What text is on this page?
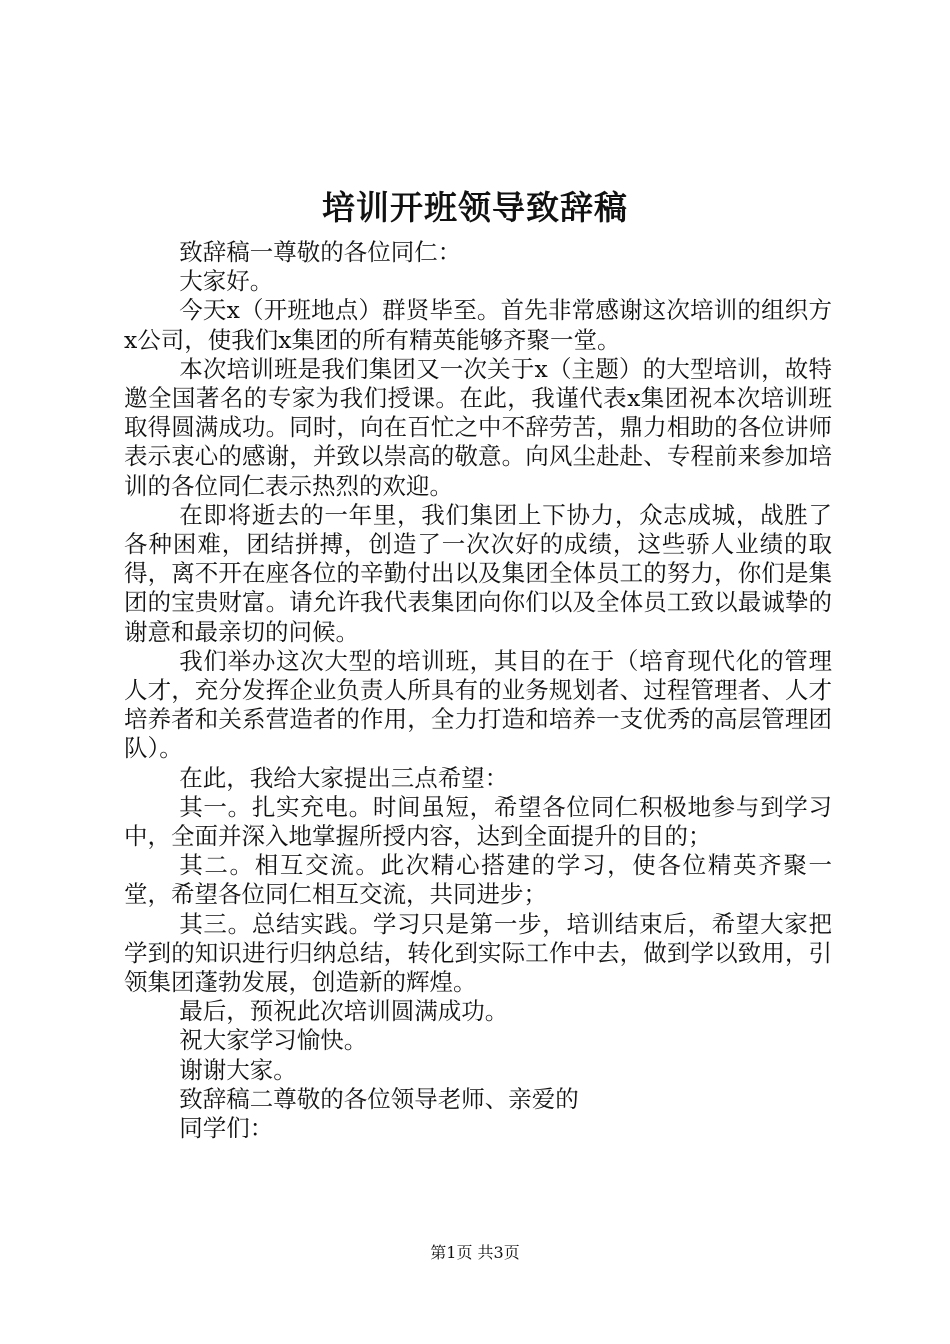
培训开班领导致辞稿

致辞稿一尊敬的各位同仁：

大家好。

今天x（开班地点）群贤毕至。首先非常感谢这次培训的组织方x公司，使我们x集团的所有精英能够齐聚一堂。

本次培训班是我们集团又一次关于x（主题）的大型培训，故特邀全国著名的专家为我们授课。在此，我谨代表x集团祝本次培训班取得圆满成功。同时，向在百忙之中不辞劳苦，鼎力相助的各位讲师表示衷心的感谢，并致以崇高的敬意。向风尘赴赴、专程前来参加培训的各位同仁表示热烈的欢迎。

在即将逝去的一年里，我们集团上下协力，众志成城，战胜了各种困难，团结拼搏，创造了一次次好的成绩，这些骄人业绩的取得，离不开在座各位的辛勤付出以及集团全体员工的努力，你们是集团的宝贵财富。请允许我代表集团向你们以及全体员工致以最诚挚的谢意和最亲切的问候。

我们举办这次大型的培训班，其目的在于（培育现代化的管理人才，充分发挥企业负责人所具有的业务规划者、过程管理者、人才培养者和关系营造者的作用，全力打造和培养一支优秀的高层管理团队）。

在此，我给大家提出三点希望：

其一。扎实充电。时间虽短，希望各位同仁积极地参与到学习中，全面并深入地掌握所授内容，达到全面提升的目的；

其二。相互交流。此次精心搭建的学习，使各位精英齐聚一堂，希望各位同仁相互交流，共同进步；

其三。总结实践。学习只是第一步，培训结束后，希望大家把学到的知识进行归纳总结，转化到实际工作中去，做到学以致用，引领集团蓬勃发展，创造新的辉煌。

最后，预祝此次培训圆满成功。

祝大家学习愉快。

谢谢大家。

致辞稿二尊敬的各位领导老师、亲爱的

同学们：

第1页 共3页
